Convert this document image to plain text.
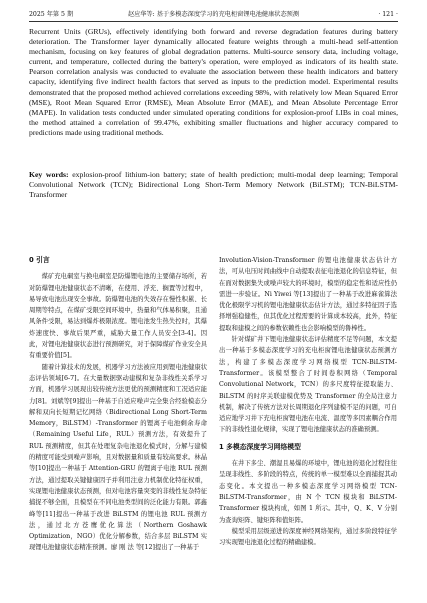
2025 年第 5 期	赵应华等: 基于多模态深度学习的充电柜窗锂电池健康状态预测	· 121 ·

Recurrent Units (GRUs), effectively identifying both forward and reverse degradation features during battery deterioration. The Transformer layer dynamically allocated feature weights through a multi-head self-attention mechanism, focusing on key features of global degradation patterns. Multi-source sensory data, including voltage, current, and temperature, collected during the battery's operation, were employed as indicators of its health state. Pearson correlation analysis was conducted to evaluate the association between these health indicators and battery capacity, identifying five indirect health factors that served as inputs to the prediction model. Experimental results demonstrated that the proposed method achieved correlations exceeding 98%, with relatively low Mean Squared Error (MSE), Root Mean Squared Error (RMSE), Mean Absolute Error (MAE), and Mean Absolute Percentage Error (MAPE). In validation tests conducted under simulated operating conditions for explosion-proof LIBs in coal mines, the method attained a correlation of 99.47%, exhibiting smaller fluctuations and higher accuracy compared to predictions made using traditional methods.

Key words: explosion-proof lithium-ion battery; state of health prediction; multi-modal deep learning; Temporal Convolutional Network (TCN); Bidirectional Long Short-Term Memory Network (BiLSTM); TCN-BiLSTM-Transformer

0 引言

煤矿充电硐室与换电硐室是防爆锂电池的主要储存场所，若对防爆锂电池健康状态不清晰，在使用、浮充、搁置等过程中，易导致电池出现安全事故。防爆锂电池的失效存在慢性积累、长周期等特点，在煤矿受限空间环境中，热量和气体易积聚，且通风条件受限，易达到爆炸极限浓度。锂电池发生热失控时，其爆炸速度快、事故后果严重，威胁大量工作人员安全[3-4]。因此，对锂电池健康状态进行预测研究，对于保障煤矿作业安全具有重要价值[5]。

随着计算技术的发展，机器学习方法被应用到锂电池健康状态评估领域[6-7]。在大量数据驱动建模和复杂非线性关系学习方面，机器学习展现出较传统方法更优的预测精度和工况适应能力[8]。刘斌等[9]提出一种基于自适应噪声完全集合经验模态分解和双向长短期记忆网络（Bidirectional Long Short-Term Memory，BiLSTM）-Transformer 的锂离子电池剩余寿命（Remaining Useful Life，RUL）预测方法，有效提升了 RUL 预测精度，但其在处理复杂电池退化模式时，分解与建模的精度可能受到噪声影响，且对数据量和质量有较高要求。林晶等[10]提出一种基于 Attention-GRU 的锂离子电池 RUL 预测方法，通过提取关键健康因子并利用注意力机制优化特征权重，实现锂电池健康状态预测，但对电池容量突变的非线性复杂特征捕捉不够全面，且模型在不同电池类型间的泛化能力有限。郭鑫峰等[11]提出一种基于改进 BiLSTM 的锂电池 RUL 预测方法，通过北方苍鹰优化算法（Northern Goshawk Optimization，NGO）优化分解参数，结合多层 BiLSTM 实现锂电池健康状态精准预测。廖 刚 法 等[12]提出了一种基于

Involution-Vision-Transformer 的锂电池健康状态估计方法，可从电压时间曲线中自动提取表征电池退化的信息特征，但在面对数据集失或噪声较大的环境时，模型的稳定性和适应性仍需进一步验证。Ni Yiwei 等[13]提出了一种基于改进麻雀算法优化极限学习机的锂电池健康状态估计方法，通过多特征因子选择增强稳健性，但其优化过程需要的计算成本较高，此外，特征提取和建模之间的参数依赖性也会影响模型的鲁棒性。

针对煤矿井下锂电池健康状态评估精度不足等问题，本文提出一种基于多模态深度学习的充电柜窗锂电池健康状态预测方法，构建了多模态深度学习网络模型 TCN-BiLSTM-Transformer。该模型整合了时间卷积网络（Temporal Convolutional Network，TCN）的多尺度特征提取能力、BiLSTM 的时序关联建模优势及 Transformer 的全局注意力机制，解决了传统方法对长周期退化序列建模不足的问题，可自适应地学习井下充电柜窗锂电池在电流、温度等多因素耦合作用下的非线性退化规律，实现了锂电池健康状态的准确预测。

1 多模态深度学习网络模型

在井下多尘、潮湿且易爆的环境中，锂电池的退化过程往往呈现非线性、多阶段的特点，传统的单一模型难以全面捕捉其动态变化。本文提出一种多模态深度学习网络模型 TCN-BiLSTM-Transformer，由 N 个 TCN 模块和 BiLSTM-Transformer 模块构成，如图 1 所示。其中，Q、K、V 分别为查询矩阵、键矩阵和值矩阵。

模型采用层级递进的深度神经网络架构，通过多阶段特征学习实现锂电池退化过程的精确建模。
